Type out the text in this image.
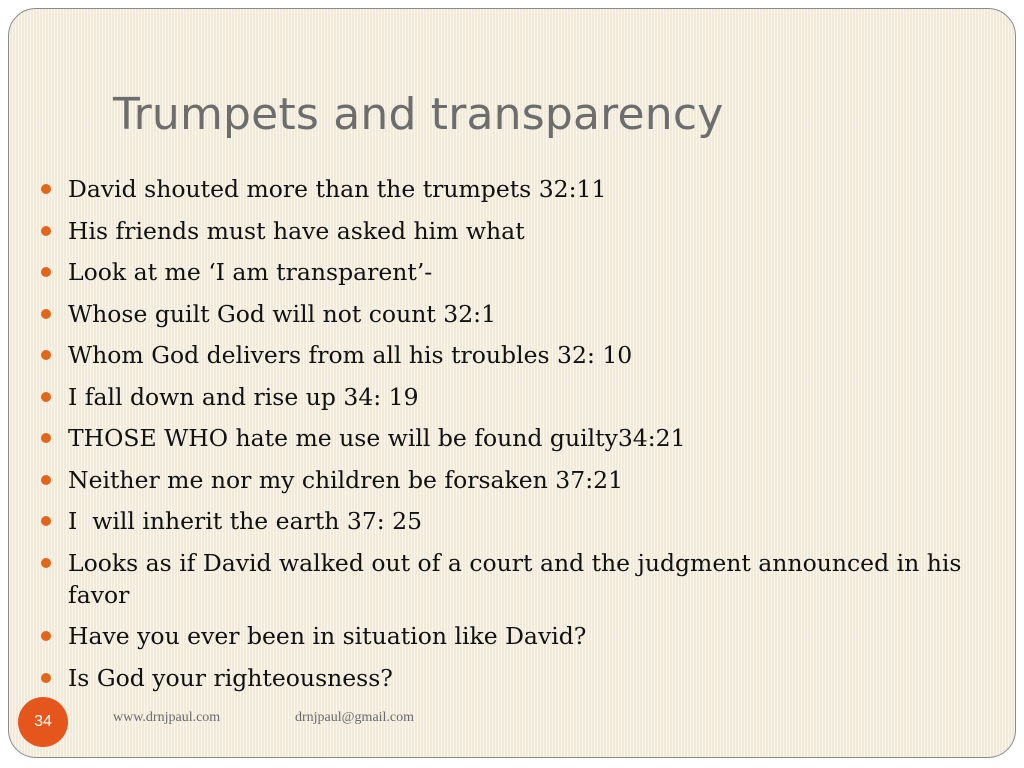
Trumpets and transparency
David shouted more than the trumpets 32:11
His friends must have asked him what
Look at me ‘I am transparent’-
Whose guilt God will not count 32:1
Whom God delivers from all his troubles 32: 10
I fall down and rise up 34: 19
THOSE WHO hate me use will be found guilty34:21
Neither me nor my children be forsaken 37:21
I  will inherit the earth 37: 25
Looks as if David walked out of a court and the judgment announced in his favor
Have you ever been in situation like David?
Is God your righteousness?
34	www.drnjpaul.com	drnjpaul@gmail.com
